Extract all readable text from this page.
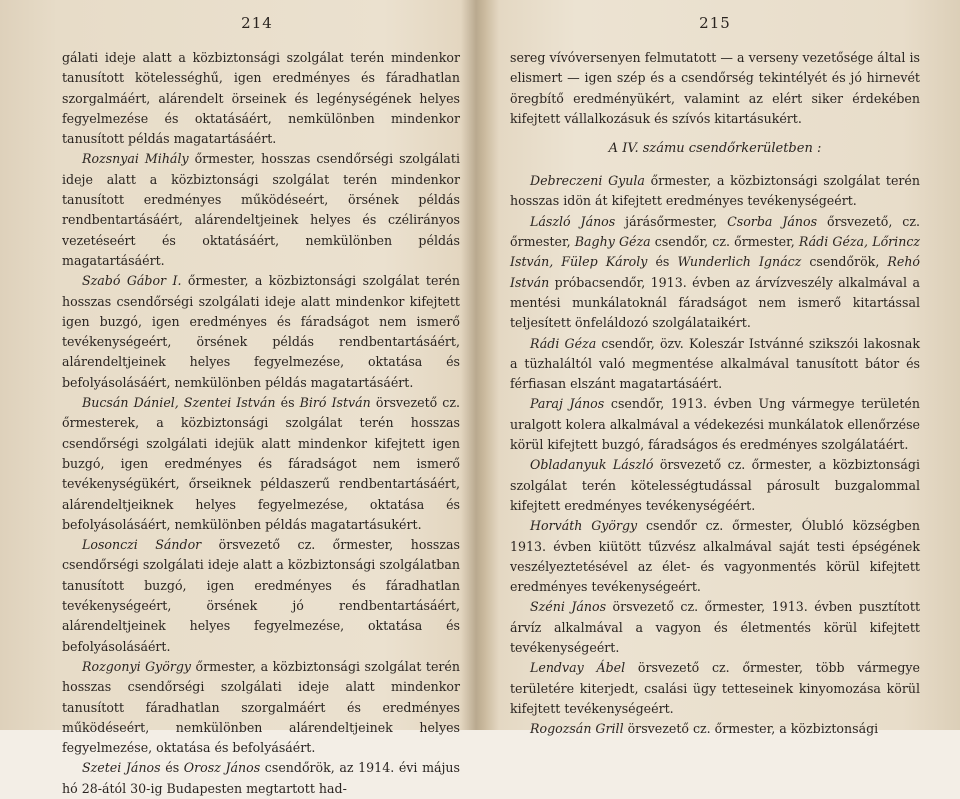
214

gálati ideje alatt a közbiztonsági szolgálat terén mindenkor tanusított kötelességhű, igen eredményes és fáradhatlan szorgalmáért, alárendelt örseinek és legénységének helyes fegyelmezése és oktatásáért, nemkülönben mindenkor tanusított példás magatartásáért.

Rozsnyai Mihály őrmester, hosszas csendőrségi szolgálati ideje alatt a közbiztonsági szolgálat terén mindenkor tanusított eredményes működéseért, örsének példás rendbentartásáért, alárendeltjeinek helyes és czélirányos vezetéseért és oktatásáért, nemkülönben példás magatartásáért.

Szabó Gábor I. őrmester, a közbiztonsági szolgálat terén hosszas csendőrségi szolgálati ideje alatt mindenkor kifejtett igen buzgó, igen eredményes és fáradságot nem ismerő tevékenységeért, örsének példás rendbentartásáért, alárendeltjeinek helyes fegyelmezése, oktatása és befolyásolásáért, nemkülönben példás magatartásáért.

Bucsán Dániel, Szentei István és Biró István örsvezető cz. őrmesterek, a közbiztonsági szolgálat terén hosszas csendőrségi szolgálati idejük alatt mindenkor kifejtett igen buzgó, igen eredményes és fáradságot nem ismerő tevékenységükért, őrseiknek példaszerű rendbentartásáért, alárendeltjeiknek helyes fegyelmezése, oktatása és befolyásolásáért, nemkülönben példás magatartásukért.

Losonczi Sándor örsvezető cz. őrmester, hosszas csendőrségi szolgálati ideje alatt a közbiztonsági szolgálatban tanusított buzgó, igen eredményes és fáradhatlan tevékenységeért, örsének jó rendbentartásáért, alárendeltjeinek helyes fegyelmezése, oktatása és befolyásolásáért.

Rozgonyi György őrmester, a közbiztonsági szolgálat terén hosszas csendőrségi szolgálati ideje alatt mindenkor tanusított fáradhatlan szorgalmáért és eredményes működéseért, nemkülönben alárendeltjeinek helyes fegyelmezése, oktatása és befolyásáért.

Szetei János és Orosz János csendőrök, az 1914. évi május hó 28-ától 30-ig Budapesten megtartott had-

215

sereg vívóversenyen felmutatott — a verseny vezetősége által is elismert — igen szép és a csendőrség tekintélyét és jó hirnevét öregbítő eredményükért, valamint az elért siker érdekében kifejtett vállalkozásuk és szívós kitartásukért.

A IV. számu csendőrkerületben :

Debreczeni Gyula őrmester, a közbiztonsági szolgálat terén hosszas idön át kifejtett eredményes tevékenységeért.

László János járásőrmester, Csorba János őrsvezető, cz. őrmester, Baghy Géza csendőr, cz. őrmester, Rádi Géza, Lőrincz István, Fülep Károly és Wunderlich Ignácz csendőrök, Rehó István próbacsendőr, 1913. évben az árvízveszély alkalmával a mentési munkálatoknál fáradságot nem ismerő kitartással teljesített önfeláldozó szolgálataikért.

Rádi Géza csendőr, özv. Koleszár Istvánné szikszói lakosnak a tüzhaláltól való megmentése alkalmával tanusított bátor és férfiasan elszánt magatartásáért.

Paraj János csendőr, 1913. évben Ung vármegye területén uralgott kolera alkalmával a védekezési munkálatok ellenőrzése körül kifejtett buzgó, fáradságos és eredményes szolgálatáért.

Obladanyuk László örsvezető cz. őrmester, a közbiztonsági szolgálat terén kötelességtudással párosult buzgalommal kifejtett eredményes tevékenységéért.

Horváth György csendőr cz. őrmester, Ólubló községben 1913. évben kiütött tűzvész alkalmával saját testi épségének veszélyeztetésével az élet- és vagyonmentés körül kifejtett eredményes tevékenységeért.

Széni János örsvezető cz. őrmester, 1913. évben pusztított árvíz alkalmával a vagyon és életmentés körül kifejtett tevékenységeért.

Lendvay Ábel örsvezető cz. őrmester, több vármegye területére kiterjedt, csalási ügy tetteseinek kinyomozása körül kifejtett tevékenységeért.

Rogozsán Grill örsvezető cz. őrmester, a közbiztonsági
